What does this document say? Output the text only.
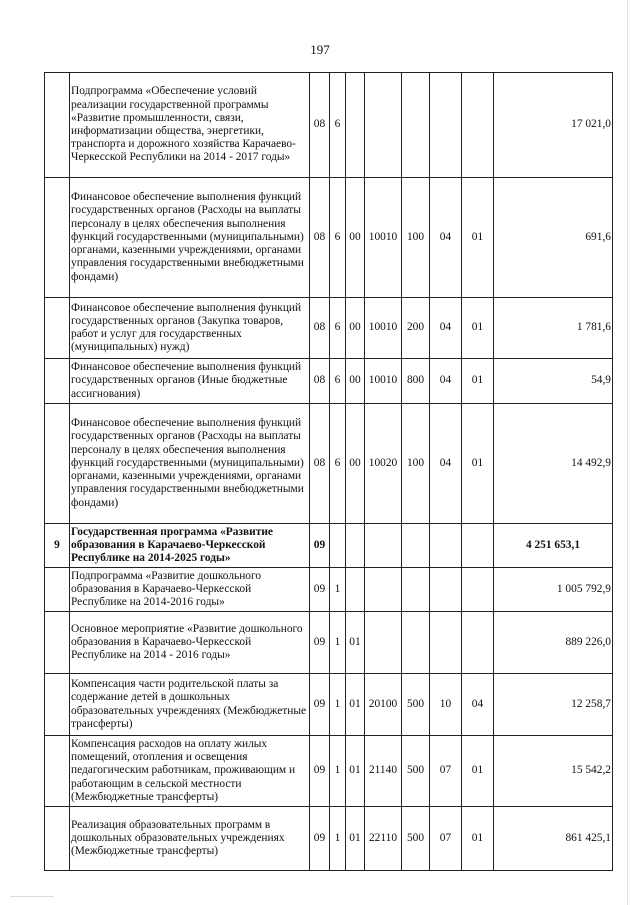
197
	Подпрограмма «Обеспечение условий реализации государственной программы «Развитие промышленности, связи, информатизации общества, энергетики, транспорта и дорожного хозяйства Карачаево-Черкесской Республики на 2014 - 2017 годы»	08	6						17 021,0
	Финансовое обеспечение выполнения функций государственных органов (Расходы на выплаты персоналу в целях обеспечения выполнения функций государственными (муниципальными) органами, казенными учреждениями, органами управления государственными внебюджетными фондами)	08	6	00	10010	100	04	01	691,6
	Финансовое обеспечение выполнения функций государственных органов (Закупка товаров, работ и услуг для государственных (муниципальных) нужд)	08	6	00	10010	200	04	01	1 781,6
	Финансовое обеспечение выполнения функций государственных органов (Иные бюджетные ассигнования)	08	6	00	10010	800	04	01	54,9
	Финансовое обеспечение выполнения функций государственных органов (Расходы на выплаты персоналу в целях обеспечения выполнения функций государственными (муниципальными) органами, казенными учреждениями, органами управления государственными внебюджетными фондами)	08	6	00	10020	100	04	01	14 492,9
9	Государственная программа «Развитие образования в Карачаево-Черкесской Республике на 2014-2025 годы»	09							4 251 653,1
	Подпрограмма «Развитие дошкольного образования в Карачаево-Черкесской Республике на 2014-2016 годы»	09	1						1 005 792,9
	Основное мероприятие «Развитие дошкольного образования в Карачаево-Черкесской Республике на 2014 - 2016 годы»	09	1	01					889 226,0
	Компенсация части родительской платы за содержание детей в дошкольных образовательных учреждениях (Межбюджетные трансферты)	09	1	01	20100	500	10	04	12 258,7
	Компенсация расходов на оплату жилых помещений, отопления и освещения педагогическим работникам, проживающим и работающим в сельской местности (Межбюджетные трансферты)	09	1	01	21140	500	07	01	15 542,2
	Реализация образовательных программ в дошкольных образовательных учреждениях (Межбюджетные трансферты)	09	1	01	22110	500	07	01	861 425,1
—————
